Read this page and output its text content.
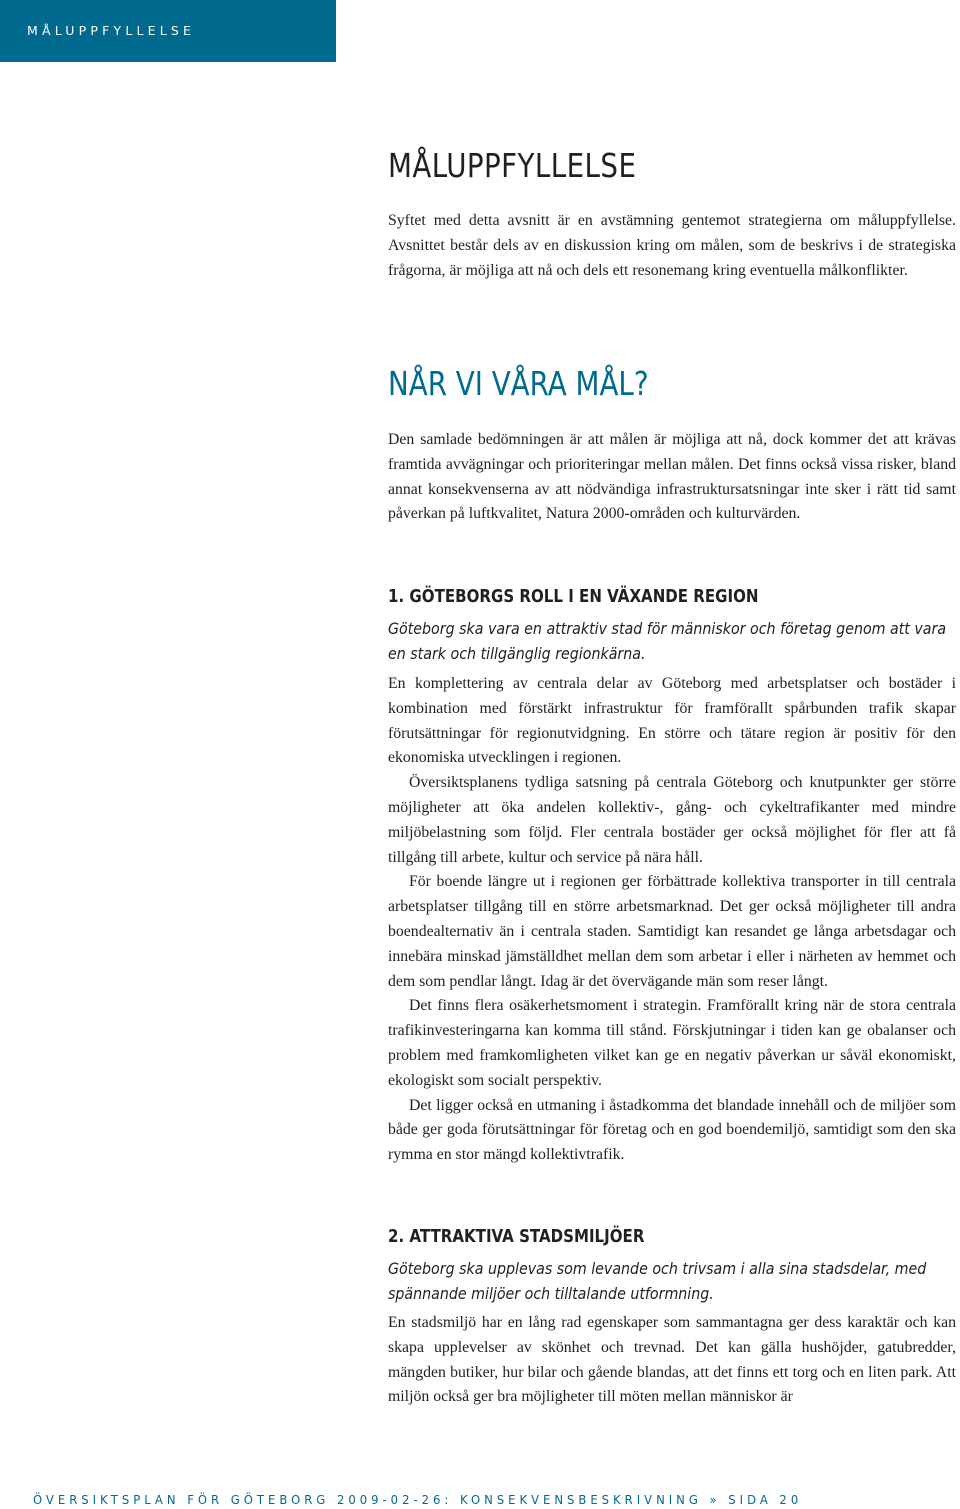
MÅLUPPFYLLELSE
MÅLUPPFYLLELSE

Syftet med detta avsnitt är en avstämning gentemot strategierna om måluppfyllelse. Avsnittet består dels av en diskussion kring om målen, som de beskrivs i de strategiska frågorna, är möjliga att nå och dels ett resonemang kring eventuella målkonflikter.

NÅR VI VÅRA MÅL?

Den samlade bedömningen är att målen är möjliga att nå, dock kommer det att krävas framtida avvägningar och prioriteringar mellan målen. Det finns också vissa risker, bland annat konsekvenserna av att nödvändiga infrastruktursatsningar inte sker i rätt tid samt påverkan på luftkvalitet, Natura 2000-områden och kulturvärden.

1. GÖTEBORGS ROLL I EN VÄXANDE REGION

Göteborg ska vara en attraktiv stad för människor och företag genom att vara en stark och tillgänglig regionkärna.

En komplettering av centrala delar av Göteborg med arbetsplatser och bostäder i kombination med förstärkt infrastruktur för framförallt spårbunden trafik skapar förutsättningar för regionutvidgning. En större och tätare region är positiv för den ekonomiska utvecklingen i regionen.

Översiktsplanens tydliga satsning på centrala Göteborg och knutpunkter ger större möjligheter att öka andelen kollektiv-, gång- och cykeltrafikanter med mindre miljöbelastning som följd. Fler centrala bostäder ger också möjlighet för fler att få tillgång till arbete, kultur och service på nära håll.

För boende längre ut i regionen ger förbättrade kollektiva transporter in till centrala arbetsplatser tillgång till en större arbetsmarknad. Det ger också möjligheter till andra boendealternativ än i centrala staden. Samtidigt kan resandet ge långa arbetsdagar och innebära minskad jämställdhet mellan dem som arbetar i eller i närheten av hemmet och dem som pendlar långt. Idag är det övervägande män som reser långt.

Det finns flera osäkerhetsmoment i strategin. Framförallt kring när de stora centrala trafikinvesteringarna kan komma till stånd. Förskjutningar i tiden kan ge obalanser och problem med framkomligheten vilket kan ge en negativ påverkan ur såväl ekonomiskt, ekologiskt som socialt perspektiv.

Det ligger också en utmaning i åstadkomma det blandade innehåll och de miljöer som både ger goda förutsättningar för företag och en god boendemiljö, samtidigt som den ska rymma en stor mängd kollektivtrafik.

2. ATTRAKTIVA STADSMILJÖER

Göteborg ska upplevas som levande och trivsam i alla sina stadsdelar, med spännande miljöer och tilltalande utformning.

En stadsmiljö har en lång rad egenskaper som sammantagna ger dess karaktär och kan skapa upplevelser av skönhet och trevnad. Det kan gälla hushöjder, gatubredder, mängden butiker, hur bilar och gående blandas, att det finns ett torg och en liten park. Att miljön också ger bra möjligheter till möten mellan människor är

ÖVERSIKTSPLAN FÖR GÖTEBORG 2009-02-26: KONSEKVENSBESKRIVNING » SIDA 20
